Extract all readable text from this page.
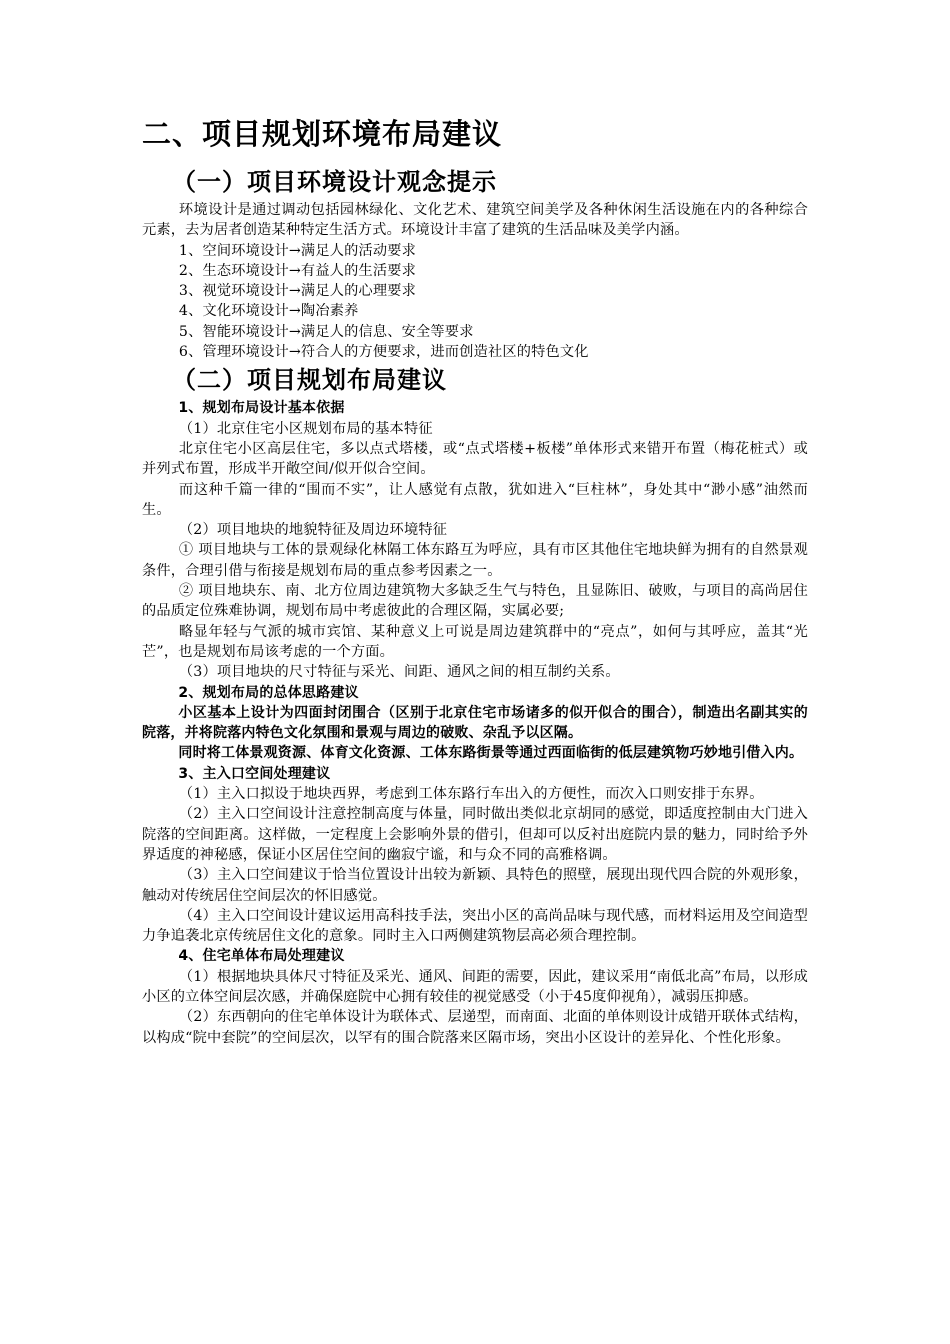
二、项目规划环境布局建议
（一）项目环境设计观念提示

环境设计是通过调动包括园林绿化、文化艺术、建筑空间美学及各种休闲生活设施在内的各种综合元素，去为居者创造某种特定生活方式。环境设计丰富了建筑的生活品味及美学内涵。

1、空间环境设计→满足人的活动要求

2、生态环境设计→有益人的生活要求

3、视觉环境设计→满足人的心理要求

4、文化环境设计→陶冶素养

5、智能环境设计→满足人的信息、安全等要求

6、管理环境设计→符合人的方便要求，进而创造社区的特色文化

（二）项目规划布局建议

1、规划布局设计基本依据

（1）北京住宅小区规划布局的基本特征

北京住宅小区高层住宅，多以点式塔楼，或“点式塔楼+板楼”单体形式来错开布置（梅花桩式）或并列式布置，形成半开敞空间/似开似合空间。

而这种千篇一律的“围而不实”，让人感觉有点散，犹如进入“巨柱林”，身处其中“渺小感”油然而生。

（2）项目地块的地貌特征及周边环境特征

① 项目地块与工体的景观绿化林隔工体东路互为呼应，具有市区其他住宅地块鲜为拥有的自然景观条件，合理引借与衔接是规划布局的重点参考因素之一。

② 项目地块东、南、北方位周边建筑物大多缺乏生气与特色，且显陈旧、破败，与项目的高尚居住的品质定位殊难协调，规划布局中考虑彼此的合理区隔，实属必要;

略显年轻与气派的城市宾馆、某种意义上可说是周边建筑群中的“亮点”，如何与其呼应，盖其“光芒”，也是规划布局该考虑的一个方面。

（3）项目地块的尺寸特征与采光、间距、通风之间的相互制约关系。

2、规划布局的总体思路建议

小区基本上设计为四面封闭围合（区别于北京住宅市场诸多的似开似合的围合），制造出名副其实的院落，并将院落内特色文化氛围和景观与周边的破败、杂乱予以区隔。

同时将工体景观资源、体育文化资源、工体东路街景等通过西面临街的低层建筑物巧妙地引借入内。

3、主入口空间处理建议

（1）主入口拟设于地块西界，考虑到工体东路行车出入的方便性，而次入口则安排于东界。

（2）主入口空间设计注意控制高度与体量，同时做出类似北京胡同的感觉，即适度控制由大门进入院落的空间距离。这样做，一定程度上会影响外景的借引，但却可以反衬出庭院内景的魅力，同时给予外界适度的神秘感，保证小区居住空间的幽寂宁谧，和与众不同的高雅格调。

（3）主入口空间建议于恰当位置设计出较为新颖、具特色的照壁，展现出现代四合院的外观形象，触动对传统居住空间层次的怀旧感觉。

（4）主入口空间设计建议运用高科技手法，突出小区的高尚品味与现代感，而材料运用及空间造型力争追袭北京传统居住文化的意象。同时主入口两侧建筑物层高必须合理控制。

4、住宅单体布局处理建议

（1）根据地块具体尺寸特征及采光、通风、间距的需要，因此，建议采用“南低北高”布局，以形成小区的立体空间层次感，并确保庭院中心拥有较佳的视觉感受（小于45度仰视角），减弱压抑感。

（2）东西朝向的住宅单体设计为联体式、层递型，而南面、北面的单体则设计成错开联体式结构，以构成“院中套院”的空间层次，以罕有的围合院落来区隔市场，突出小区设计的差异化、个性化形象。
